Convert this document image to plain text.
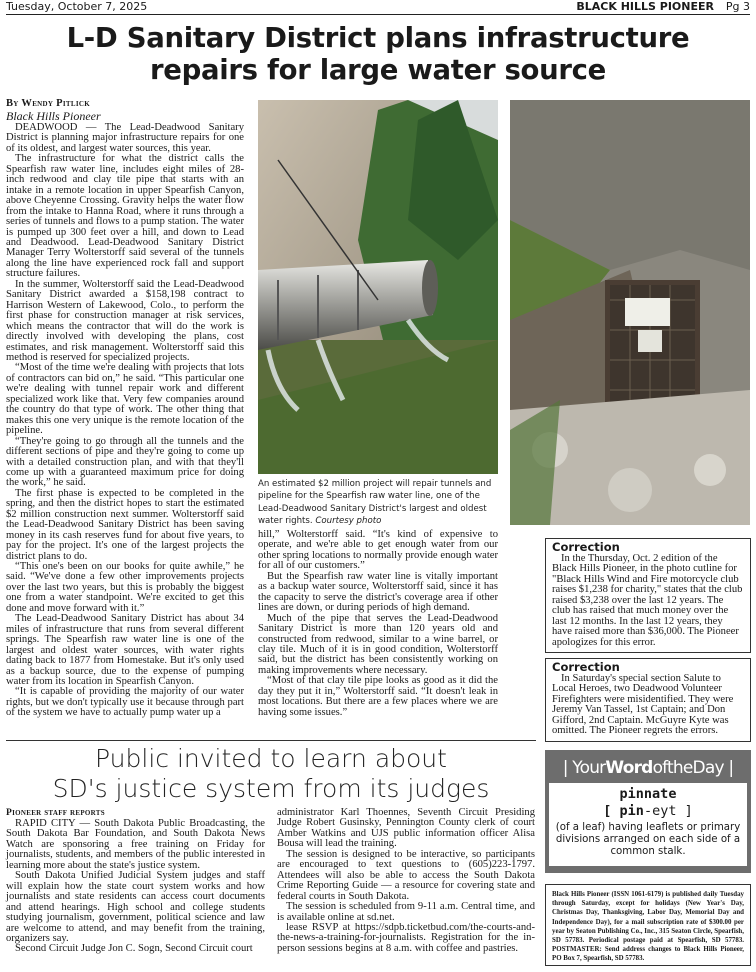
Tuesday, October 7, 2025	BLACK HILLS PIONEER Pg 3
L-D Sanitary District plans infrastructure
repairs for large water source
By Wendy Pitlick
Black Hills Pioneer

DEADWOOD — The Lead-Deadwood Sanitary District is planning major infrastructure repairs for one of its oldest, and largest water sources, this year.

The infrastructure for what the district calls the Spearfish raw water line, includes eight miles of 28-inch redwood and clay tile pipe that starts with an intake in a remote location in upper Spearfish Canyon, above Cheyenne Crossing. Gravity helps the water flow from the intake to Hanna Road, where it runs through a series of tunnels and flows to a pump station. The water is pumped up 300 feet over a hill, and down to Lead and Deadwood. Lead-Deadwood Sanitary District Manager Terry Wolterstorff said several of the tunnels along the line have experienced rock fall and support structure failures.

In the summer, Wolterstorff said the Lead-Deadwood Sanitary District awarded a $158,198 contract to Harrison Western of Lakewood, Colo., to perform the first phase for construction manager at risk services, which means the contractor that will do the work is directly involved with developing the plans, cost estimates, and risk management. Wolterstorff said this method is reserved for specialized projects.

“Most of the time we're dealing with projects that lots of contractors can bid on,” he said. “This particular one we're dealing with tunnel repair work and different specialized work like that. Very few companies around the country do that type of work. The other thing that makes this one very unique is the remote location of the pipeline.

“They're going to go through all the tunnels and the different sections of pipe and they're going to come up with a detailed construction plan, and with that they'll come up with a guaranteed maximum price for doing the work,” he said.

The first phase is expected to be completed in the spring, and then the district hopes to start the estimated $2 million construction next summer. Wolterstorff said the Lead-Deadwood Sanitary District has been saving money in its cash reserves fund for about five years, to pay for the project. It's one of the largest projects the district plans to do.

“This one's been on our books for quite awhile,” he said. “We've done a few other improvements projects over the last two years, but this is probably the biggest one from a water standpoint. We're excited to get this done and move forward with it.”

The Lead-Deadwood Sanitary District has about 34 miles of infrastructure that runs from several different springs. The Spearfish raw water line is one of the largest and oldest water sources, with water rights dating back to 1877 from Homestake. But it's only used as a backup source, due to the expense of pumping water from its location in Spearfish Canyon.

“It is capable of providing the majority of our water rights, but we don't typically use it because through part of the system we have to actually pump water up a

An estimated $2 million project will repair tunnels and pipeline for the Spearfish raw water line, one of the Lead-Deadwood Sanitary District's largest and oldest water rights. Courtesy photo

hill,” Wolterstorff said. “It's kind of expensive to operate, and we're able to get enough water from our other spring locations to normally provide enough water for all of our customers.”

But the Spearfish raw water line is vitally important as a backup water source, Wolterstorff said, since it has the capacity to serve the district's coverage area if other lines are down, or during periods of high demand.

Much of the pipe that serves the Lead-Deadwood Sanitary District is more than 120 years old and constructed from redwood, similar to a wine barrel, or clay tile. Much of it is in good condition, Wolterstorff said, but the district has been consistently working on making improvements where necessary.

“Most of that clay tile pipe looks as good as it did the day they put it in,” Wolterstorff said. “It doesn't leak in most locations. But there are a few places where we are having some issues.”

Correction

In the Thursday, Oct. 2 edition of the Black Hills Pioneer, in the photo cutline for "Black Hills Wind and Fire motorcycle club raises $1,238 for charity," states that the club raised $3,238 over the last 12 years. The club has raised that much money over the last 12 months. In the last 12 years, they have raised more than $36,000. The Pioneer apologizes for this error.

Correction

In Saturday's special section Salute to Local Heroes, two Deadwood Volunteer Firefighters were misidentified. They were Jeremy Van Tassel, 1st Captain; and Don Gifford, 2nd Captain. McGuyre Kyte was omitted. The Pioneer regrets the errors.

Public invited to learn about
SD's justice system from its judges
Pioneer staff reports

RAPID CITY — South Dakota Public Broadcasting, the South Dakota Bar Foundation, and South Dakota News Watch are sponsoring a free training on Friday for journalists, students, and members of the public interested in learning more about the state's justice system.

South Dakota Unified Judicial System judges and staff will explain how the state court system works and how journalists and state residents can access court documents and attend hearings. High school and college students studying journalism, government, political science and law are welcome to attend, and may benefit from the training, organizers say.

Second Circuit Judge Jon C. Sogn, Second Circuit court

administrator Karl Thoennes, Seventh Circuit Presiding Judge Robert Gusinsky, Pennington County clerk of court Amber Watkins and UJS public information officer Alisa Bousa will lead the training.

The session is designed to be interactive, so participants are encouraged to text questions to (605)223-1797. Attendees will also be able to access the South Dakota Crime Reporting Guide — a resource for covering state and federal courts in South Dakota.

The session is scheduled from 9-11 a.m. Central time, and is available online at sd.net.

lease RSVP at https://sdpb.ticketbud.com/the-courts-and-the-news-a-training-for-journalists. Registration for the in-person sessions begins at 8 a.m. with coffee and pastries.

| YourWordoftheDay |
pinnate
[ pin-eyt ]
(of a leaf) having leaflets or primary divisions arranged on each side of a common stalk.
Black Hills Pioneer (ISSN 1061-6179) is published daily Tuesday through Saturday, except for holidays (New Year's Day, Christmas Day, Thanksgiving, Labor Day, Memorial Day and Independence Day), for a mail subscription rate of $300.00 per year by Seaton Publishing Co., Inc., 315 Seaton Circle, Spearfish, SD 57783. Periodical postage paid at Spearfish, SD 57783. POSTMASTER: Send address changes to Black Hills Pioneer, PO Box 7, Spearfish, SD 57783.
